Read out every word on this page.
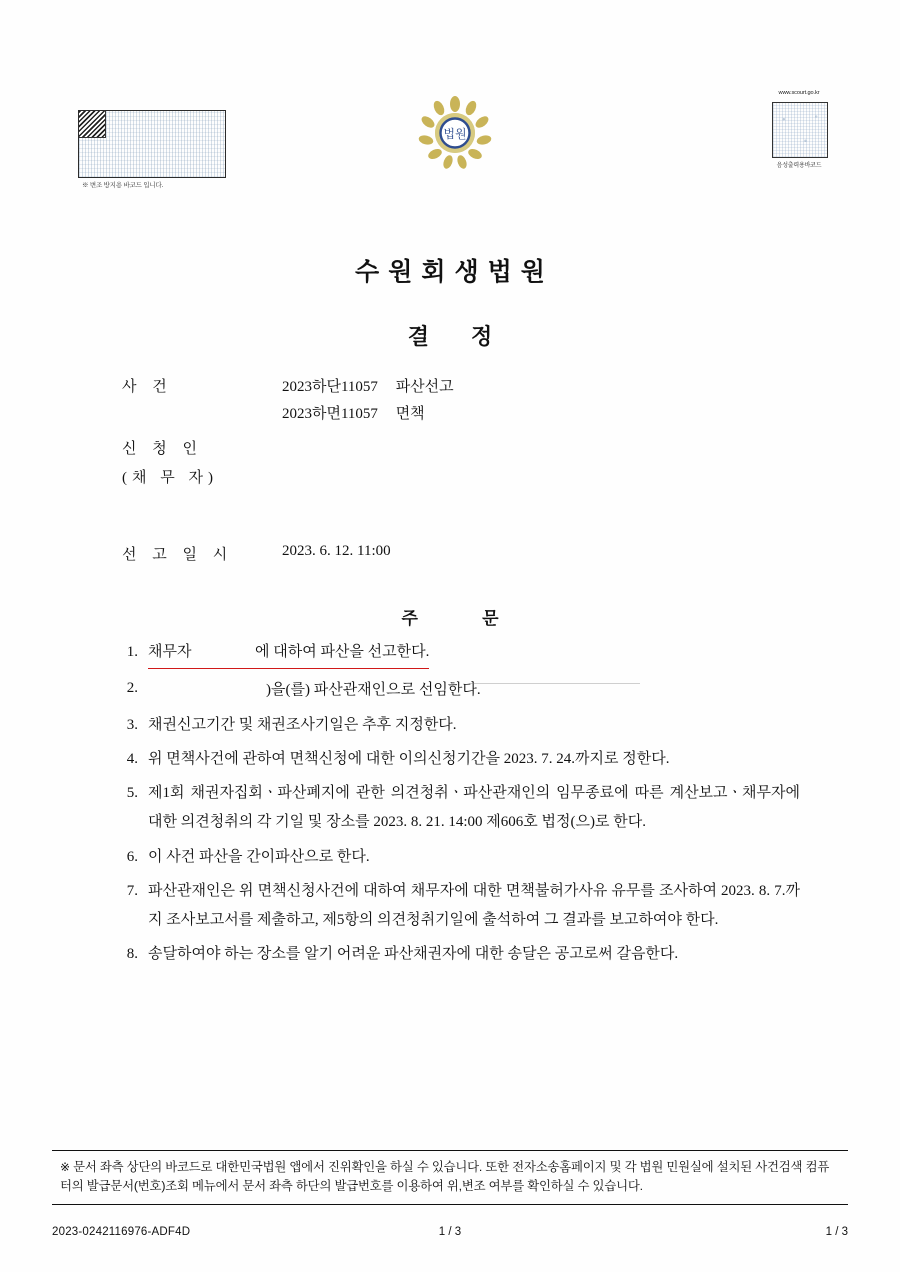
※ 변조 방지용 바코드 입니다.
법원
www.scourt.go.kr
음성출력용바코드
수원회생법원
결정
사 건	2023하단11057 파산선고
2023하면11057 면책
신 청 인
(채 무 자)
선 고 일 시	2023. 6. 12. 11:00
주 문
1. 채무자	에 대하여 파산을 선고한다.
2.	)을(를) 파산관재인으로 선임한다.
3. 채권신고기간 및 채권조사기일은 추후 지정한다.
4. 위 면책사건에 관하여 면책신청에 대한 이의신청기간을 2023. 7. 24.까지로 정한다.
5. 제1회 채권자집회ㆍ파산폐지에 관한 의견청취ㆍ파산관재인의 임무종료에 따른 계산보고ㆍ채무자에 대한 의견청취의 각 기일 및 장소를 2023. 8. 21. 14:00 제606호 법정(으)로 한다.
6. 이 사건 파산을 간이파산으로 한다.
7. 파산관재인은 위 면책신청사건에 대하여 채무자에 대한 면책불허가사유 유무를 조사하여 2023. 8. 7.까지 조사보고서를 제출하고, 제5항의 의견청취기일에 출석하여 그 결과를 보고하여야 한다.
8. 송달하여야 하는 장소를 알기 어려운 파산채권자에 대한 송달은 공고로써 갈음한다.
※ 문서 좌측 상단의 바코드로 대한민국법원 앱에서 진위확인을 하실 수 있습니다. 또한 전자소송홈페이지 및 각 법원 민원실에 설치된 사건검색 컴퓨터의 발급문서(번호)조회 메뉴에서 문서 좌측 하단의 발급번호를 이용하여 위,변조 여부를 확인하실 수 있습니다.
2023-0242116976-ADF4D	1 / 3	1 / 3
